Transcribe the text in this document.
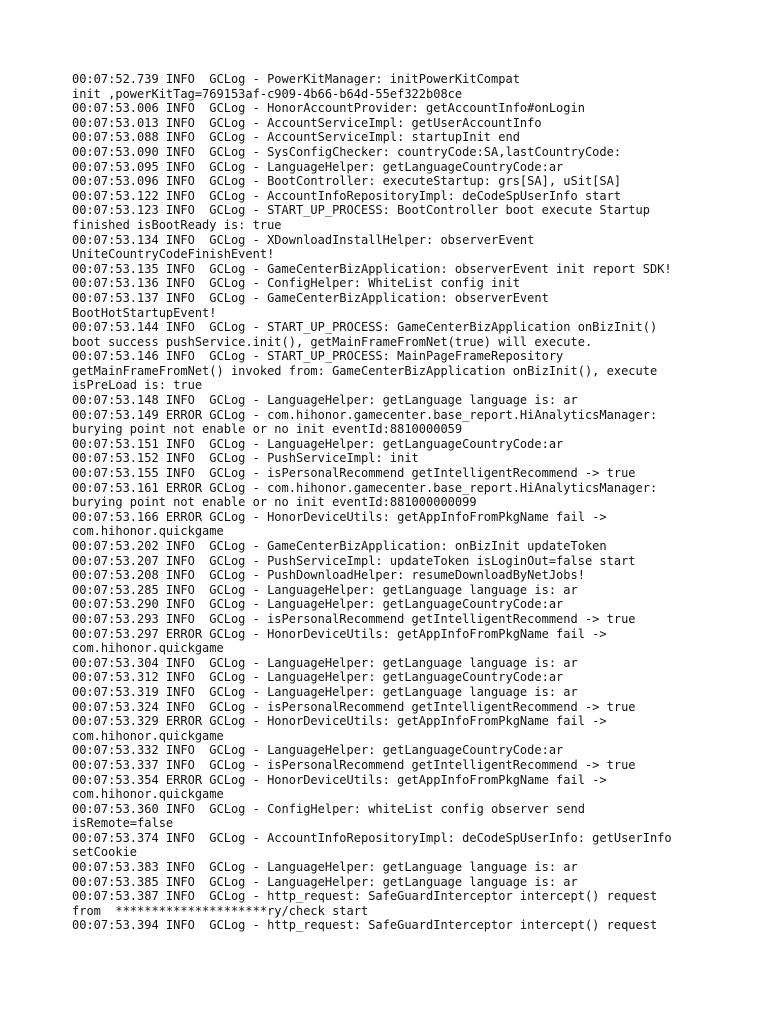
00:07:52.739 INFO  GCLog - PowerKitManager: initPowerKitCompat
init ,powerKitTag=769153af-c909-4b66-b64d-55ef322b08ce
00:07:53.006 INFO  GCLog - HonorAccountProvider: getAccountInfo#onLogin
00:07:53.013 INFO  GCLog - AccountServiceImpl: getUserAccountInfo
00:07:53.088 INFO  GCLog - AccountServiceImpl: startupInit end
00:07:53.090 INFO  GCLog - SysConfigChecker: countryCode:SA,lastCountryCode:
00:07:53.095 INFO  GCLog - LanguageHelper: getLanguageCountryCode:ar
00:07:53.096 INFO  GCLog - BootController: executeStartup: grs[SA], uSit[SA]
00:07:53.122 INFO  GCLog - AccountInfoRepositoryImpl: deCodeSpUserInfo start
00:07:53.123 INFO  GCLog - START_UP_PROCESS: BootController boot execute Startup
finished isBootReady is: true
00:07:53.134 INFO  GCLog - XDownloadInstallHelper: observerEvent
UniteCountryCodeFinishEvent!
00:07:53.135 INFO  GCLog - GameCenterBizApplication: observerEvent init report SDK!
00:07:53.136 INFO  GCLog - ConfigHelper: WhiteList config init
00:07:53.137 INFO  GCLog - GameCenterBizApplication: observerEvent
BootHotStartupEvent!
00:07:53.144 INFO  GCLog - START_UP_PROCESS: GameCenterBizApplication onBizInit()
boot success pushService.init(), getMainFrameFromNet(true) will execute.
00:07:53.146 INFO  GCLog - START_UP_PROCESS: MainPageFrameRepository
getMainFrameFromNet() invoked from: GameCenterBizApplication onBizInit(), execute
isPreLoad is: true
00:07:53.148 INFO  GCLog - LanguageHelper: getLanguage language is: ar
00:07:53.149 ERROR GCLog - com.hihonor.gamecenter.base_report.HiAnalyticsManager:
burying point not enable or no init eventId:8810000059
00:07:53.151 INFO  GCLog - LanguageHelper: getLanguageCountryCode:ar
00:07:53.152 INFO  GCLog - PushServiceImpl: init
00:07:53.155 INFO  GCLog - isPersonalRecommend getIntelligentRecommend -> true
00:07:53.161 ERROR GCLog - com.hihonor.gamecenter.base_report.HiAnalyticsManager:
burying point not enable or no init eventId:881000000099
00:07:53.166 ERROR GCLog - HonorDeviceUtils: getAppInfoFromPkgName fail ->
com.hihonor.quickgame
00:07:53.202 INFO  GCLog - GameCenterBizApplication: onBizInit updateToken
00:07:53.207 INFO  GCLog - PushServiceImpl: updateToken isLoginOut=false start
00:07:53.208 INFO  GCLog - PushDownloadHelper: resumeDownloadByNetJobs!
00:07:53.285 INFO  GCLog - LanguageHelper: getLanguage language is: ar
00:07:53.290 INFO  GCLog - LanguageHelper: getLanguageCountryCode:ar
00:07:53.293 INFO  GCLog - isPersonalRecommend getIntelligentRecommend -> true
00:07:53.297 ERROR GCLog - HonorDeviceUtils: getAppInfoFromPkgName fail ->
com.hihonor.quickgame
00:07:53.304 INFO  GCLog - LanguageHelper: getLanguage language is: ar
00:07:53.312 INFO  GCLog - LanguageHelper: getLanguageCountryCode:ar
00:07:53.319 INFO  GCLog - LanguageHelper: getLanguage language is: ar
00:07:53.324 INFO  GCLog - isPersonalRecommend getIntelligentRecommend -> true
00:07:53.329 ERROR GCLog - HonorDeviceUtils: getAppInfoFromPkgName fail ->
com.hihonor.quickgame
00:07:53.332 INFO  GCLog - LanguageHelper: getLanguageCountryCode:ar
00:07:53.337 INFO  GCLog - isPersonalRecommend getIntelligentRecommend -> true
00:07:53.354 ERROR GCLog - HonorDeviceUtils: getAppInfoFromPkgName fail ->
com.hihonor.quickgame
00:07:53.360 INFO  GCLog - ConfigHelper: whiteList config observer send
isRemote=false
00:07:53.374 INFO  GCLog - AccountInfoRepositoryImpl: deCodeSpUserInfo: getUserInfo
setCookie
00:07:53.383 INFO  GCLog - LanguageHelper: getLanguage language is: ar
00:07:53.385 INFO  GCLog - LanguageHelper: getLanguage language is: ar
00:07:53.387 INFO  GCLog - http_request: SafeGuardInterceptor intercept() request
from  *********************ry/check start
00:07:53.394 INFO  GCLog - http_request: SafeGuardInterceptor intercept() request
